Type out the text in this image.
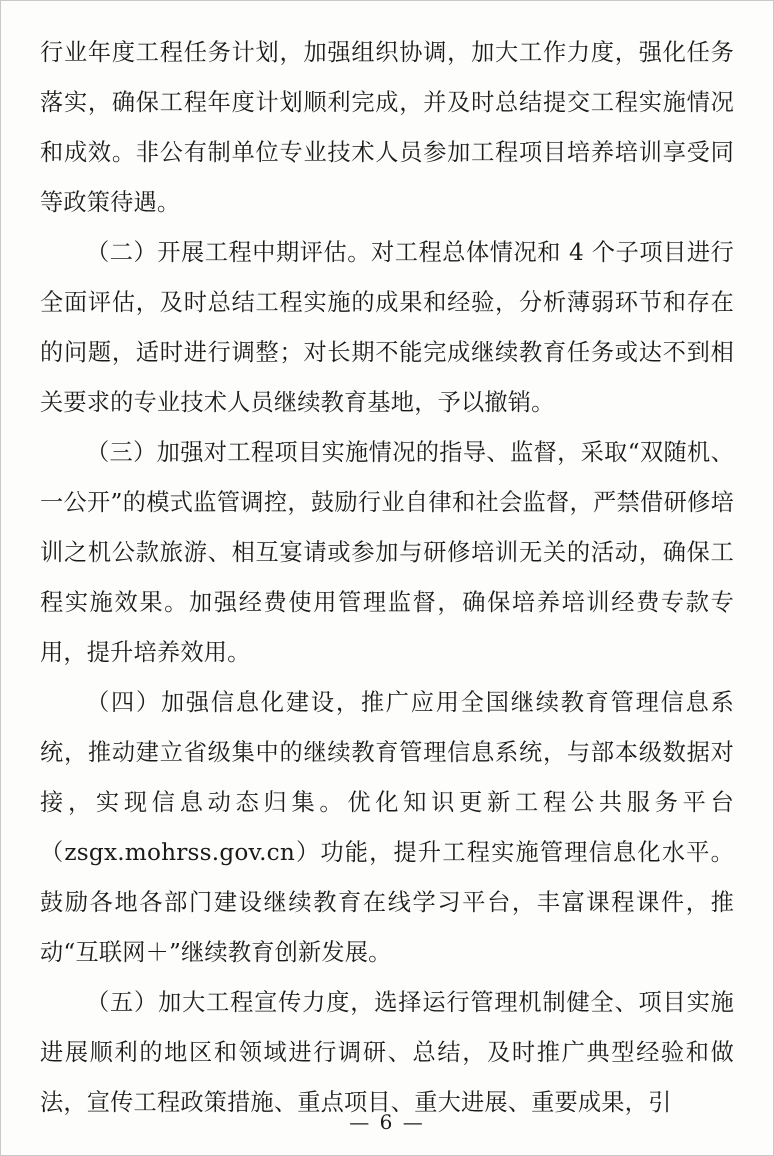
行业年度工程任务计划，加强组织协调，加大工作力度，强化任务落实，确保工程年度计划顺利完成，并及时总结提交工程实施情况和成效。非公有制单位专业技术人员参加工程项目培养培训享受同等政策待遇。

（二）开展工程中期评估。对工程总体情况和 4 个子项目进行全面评估，及时总结工程实施的成果和经验，分析薄弱环节和存在的问题，适时进行调整；对长期不能完成继续教育任务或达不到相关要求的专业技术人员继续教育基地，予以撤销。

（三）加强对工程项目实施情况的指导、监督，采取“双随机、一公开”的模式监管调控，鼓励行业自律和社会监督，严禁借研修培训之机公款旅游、相互宴请或参加与研修培训无关的活动，确保工程实施效果。加强经费使用管理监督，确保培养培训经费专款专用，提升培养效用。

（四）加强信息化建设，推广应用全国继续教育管理信息系统，推动建立省级集中的继续教育管理信息系统，与部本级数据对接，实现信息动态归集。优化知识更新工程公共服务平台（zsgx.mohrss.gov.cn）功能，提升工程实施管理信息化水平。鼓励各地各部门建设继续教育在线学习平台，丰富课程课件，推动“互联网＋”继续教育创新发展。

（五）加大工程宣传力度，选择运行管理机制健全、项目实施进展顺利的地区和领域进行调研、总结，及时推广典型经验和做法，宣传工程政策措施、重点项目、重大进展、重要成果，引

— 6 —
